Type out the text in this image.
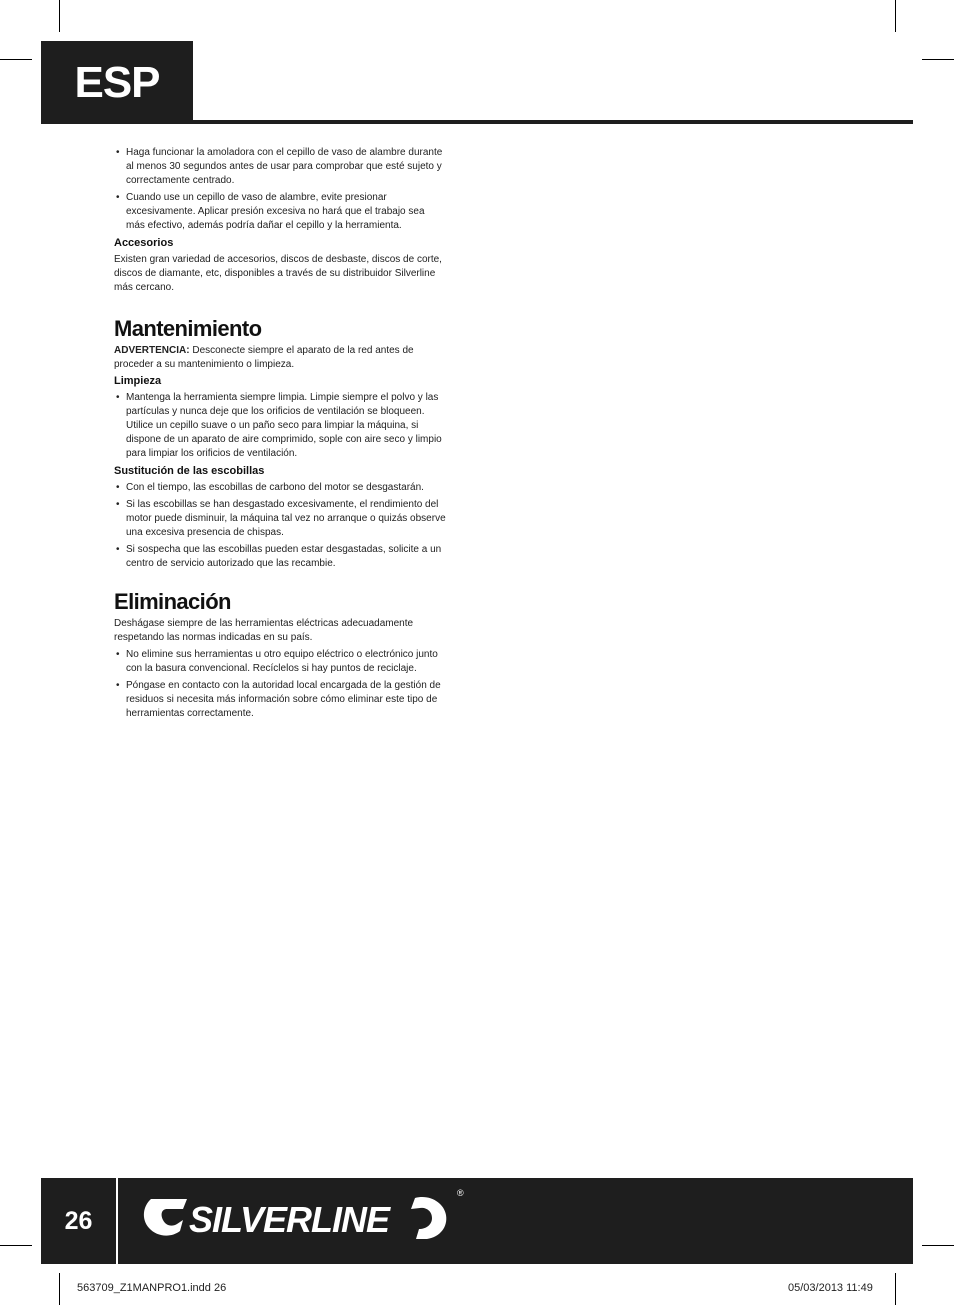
ESP
• Haga funcionar la amoladora con el cepillo de vaso de alambre durante al menos 30 segundos antes de usar para comprobar que esté sujeto y correctamente centrado.
• Cuando use un cepillo de vaso de alambre, evite presionar excesivamente. Aplicar presión excesiva no hará que el trabajo sea más efectivo, además podría dañar el cepillo y la herramienta.
Accesorios

Existen gran variedad de accesorios, discos de desbaste, discos de corte, discos de diamante, etc, disponibles a través de su distribuidor Silverline más cercano.

Mantenimiento

ADVERTENCIA: Desconecte siempre el aparato de la red antes de proceder a su mantenimiento o limpieza.

Limpieza
• Mantenga la herramienta siempre limpia. Limpie siempre el polvo y las partículas y nunca deje que los orificios de ventilación se bloqueen. Utilice un cepillo suave o un paño seco para limpiar la máquina, si dispone de un aparato de aire comprimido, sople con aire seco y limpio para limpiar los orificios de ventilación.
Sustitución de las escobillas
• Con el tiempo, las escobillas de carbono del motor se desgastarán.
• Si las escobillas se han desgastado excesivamente, el rendimiento del motor puede disminuir, la máquina tal vez no arranque o quizás observe una excesiva presencia de chispas.
• Si sospecha que las escobillas pueden estar desgastadas, solicite a un centro de servicio autorizado que las recambie.
Eliminación

Deshágase siempre de las herramientas eléctricas adecuadamente respetando las normas indicadas en su país.

• No elimine sus herramientas u otro equipo eléctrico o electrónico junto con la basura convencional. Recíclelos si hay puntos de reciclaje.
• Póngase en contacto con la autoridad local encargada de la gestión de residuos si necesita más información sobre cómo eliminar este tipo de herramientas correctamente.
26	SILVERLINE
®
563709_Z1MANPRO1.indd 26	05/03/2013 11:49
